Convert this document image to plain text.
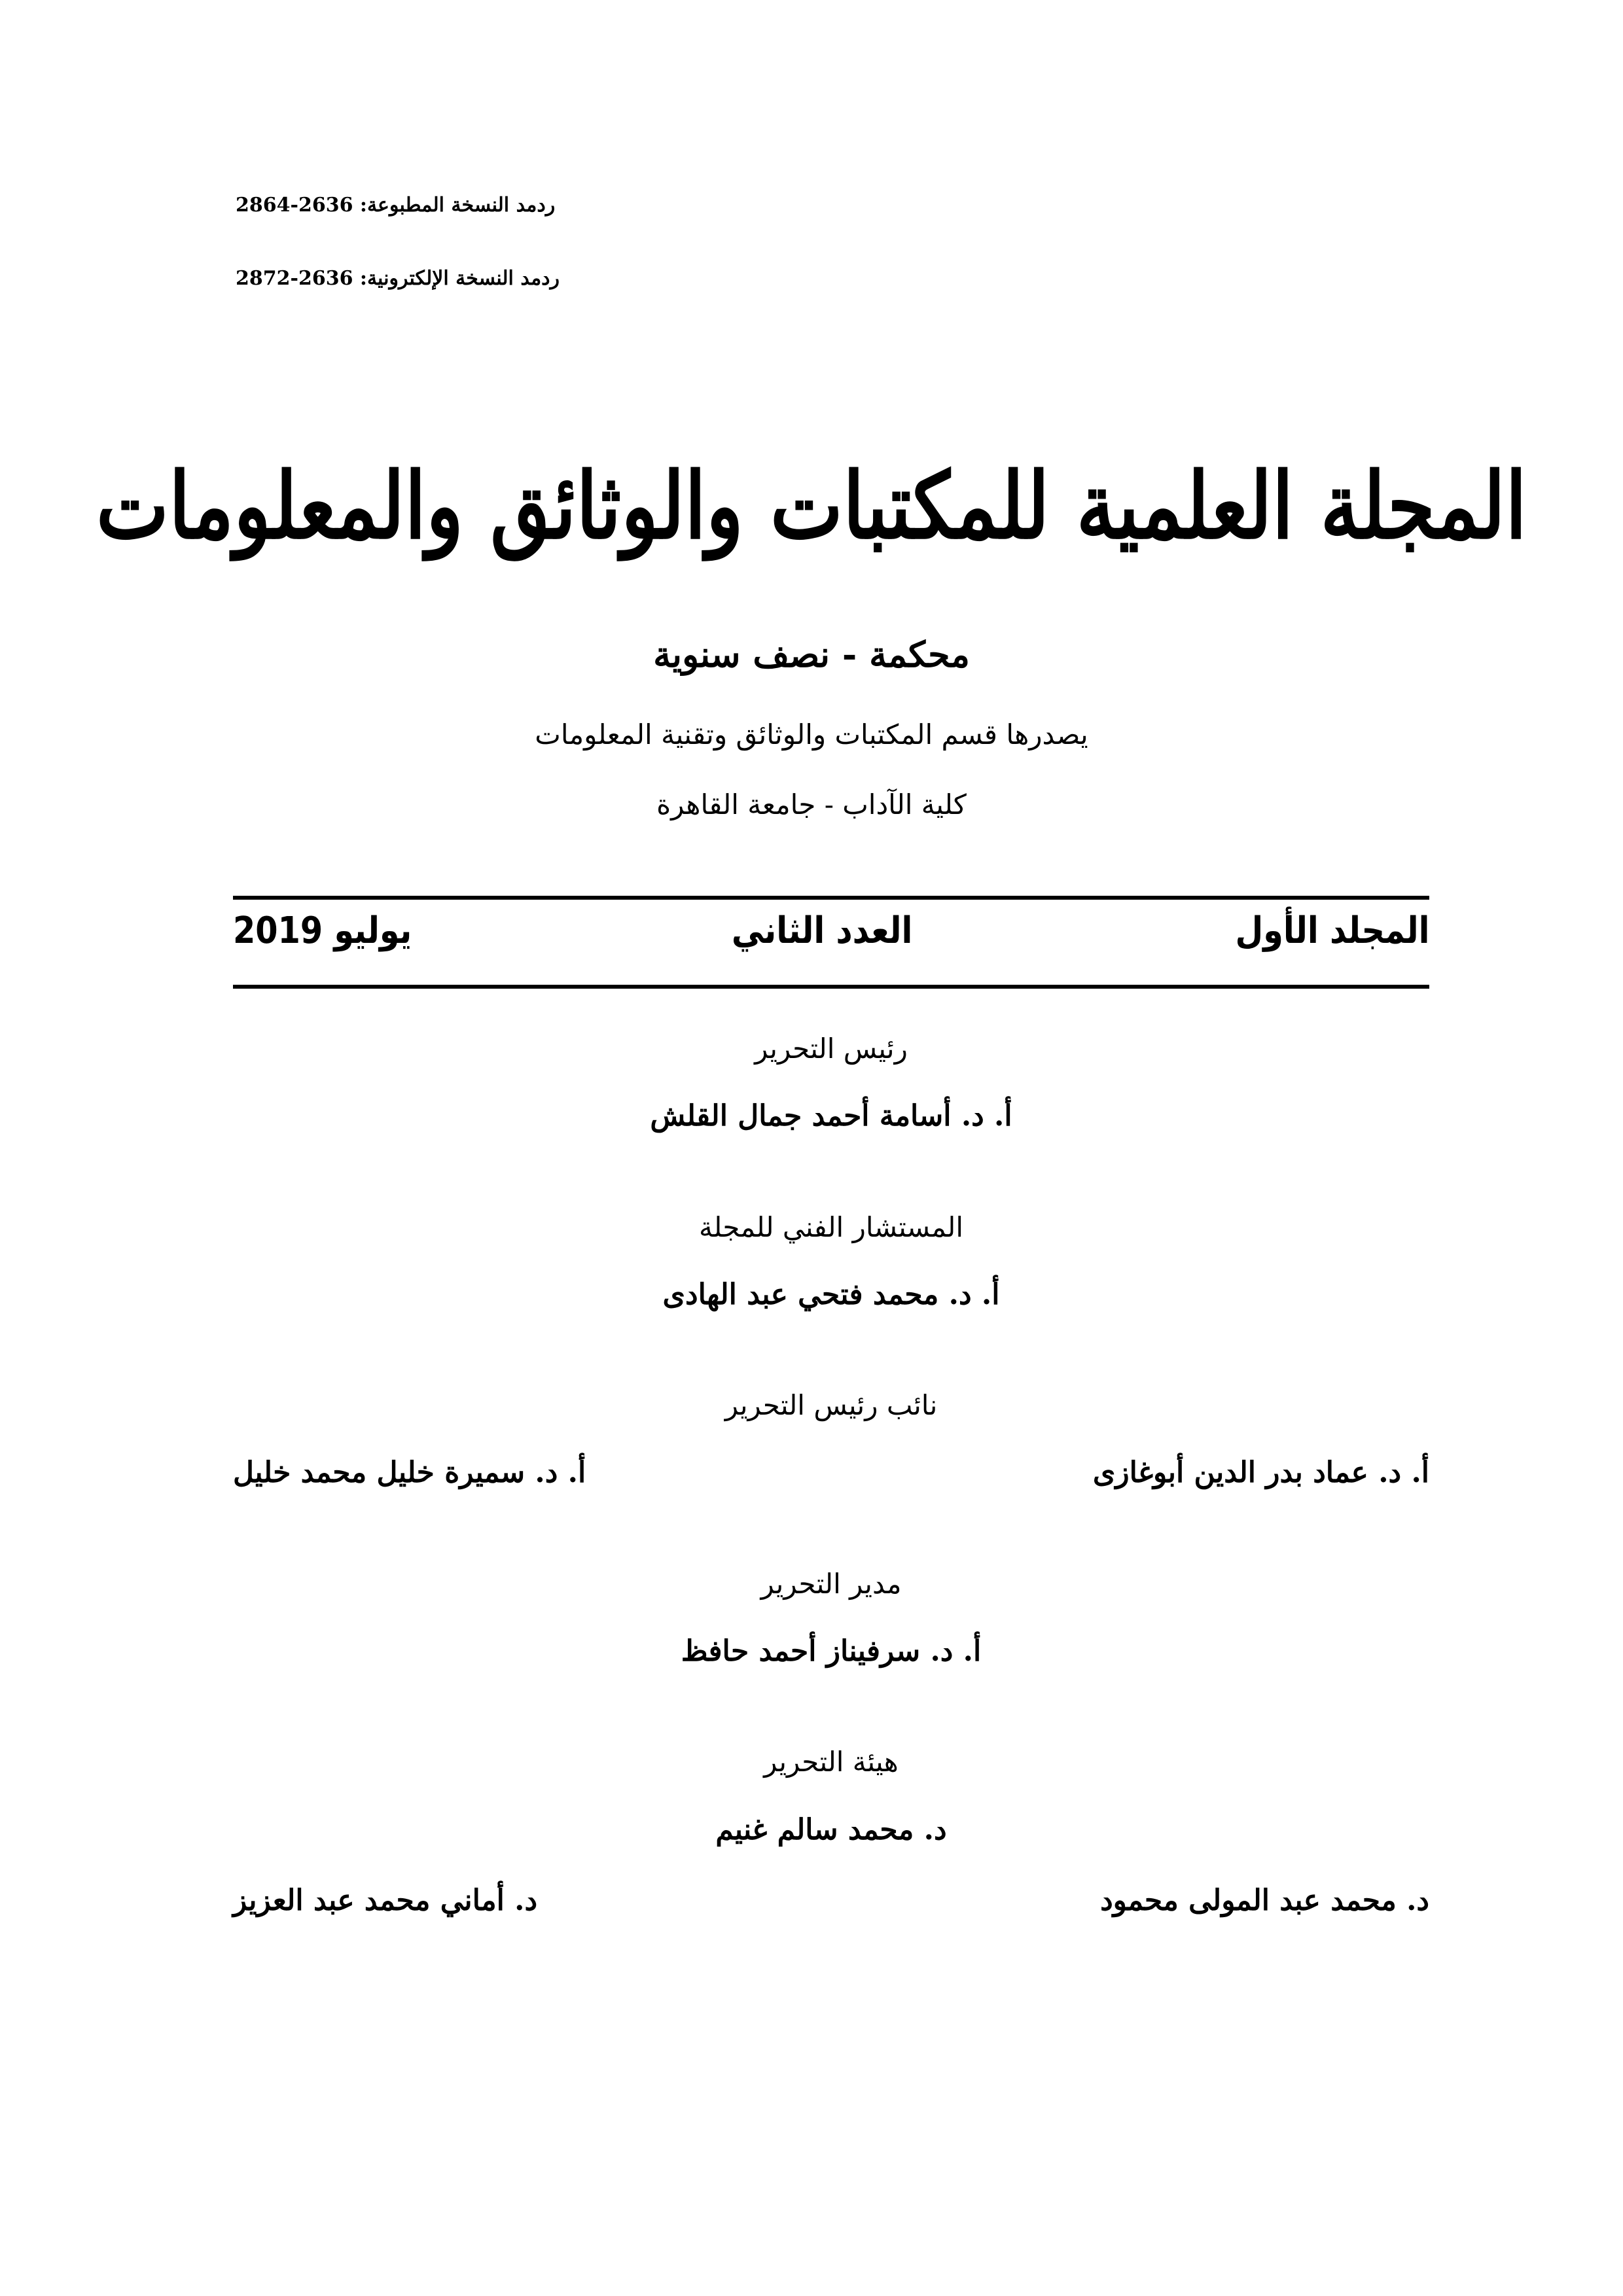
ردمد النسخة المطبوعة: 2636-2864
ردمد النسخة الإلكترونية: 2636-2872
المجلة العلمية للمكتبات والوثائق والمعلومات
محكمة - نصف سنوية
يصدرها قسم المكتبات والوثائق وتقنية المعلومات
كلية الآداب - جامعة القاهرة
المجلد الأول
العدد الثاني
يوليو 2019
رئيس التحرير
أ. د. أسامة أحمد جمال القلش
المستشار الفني للمجلة
أ. د. محمد فتحي عبد الهادى
نائب رئيس التحرير
أ. د. عماد بدر الدين أبوغازى
أ. د. سميرة خليل محمد خليل
مدير التحرير
أ. د. سرفيناز أحمد حافظ
هيئة التحرير
د. محمد سالم غنيم
د. محمد عبد المولى محمود
د. أماني محمد عبد العزيز
